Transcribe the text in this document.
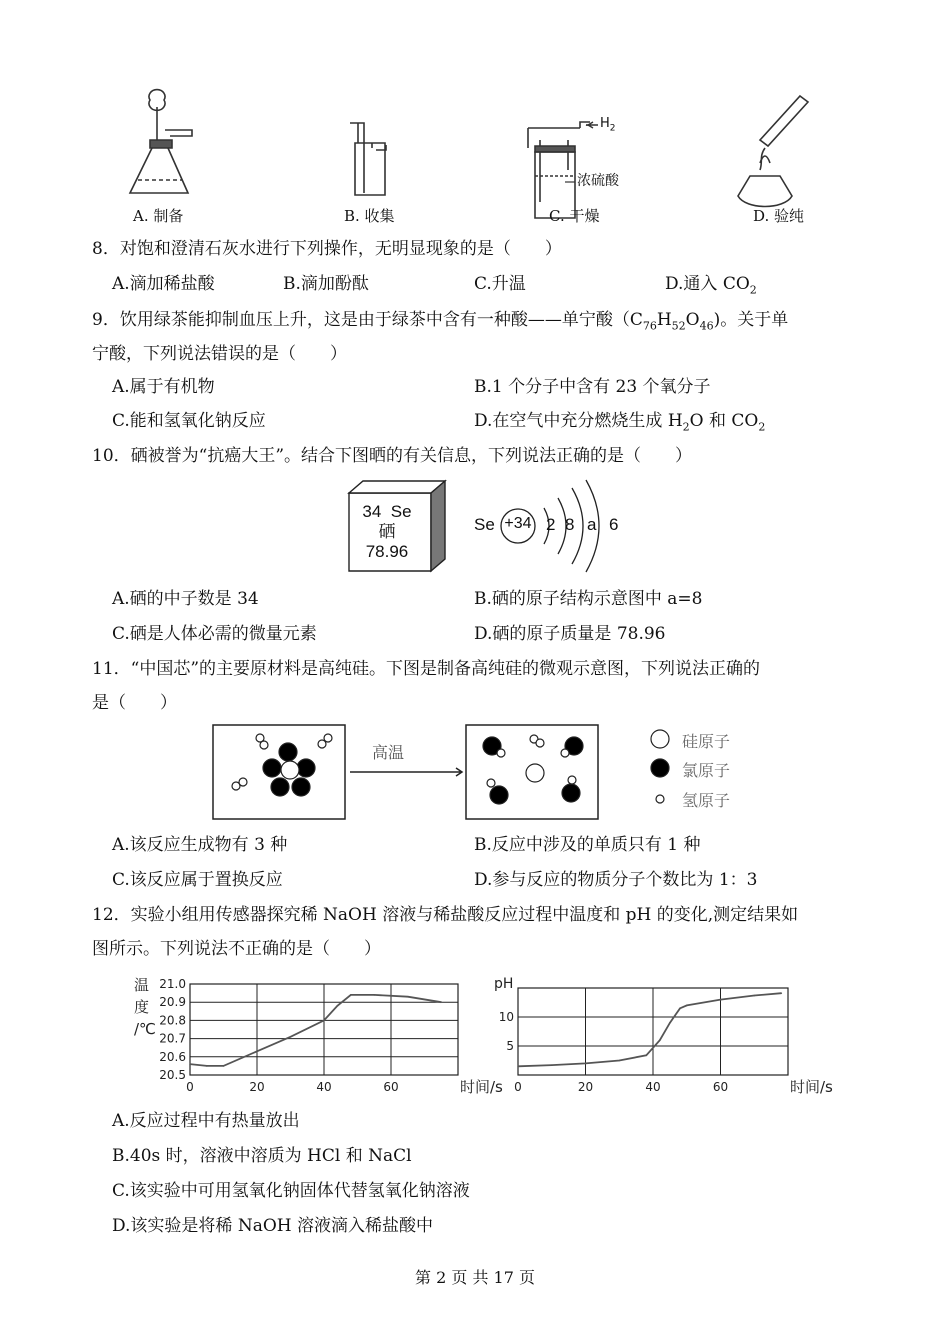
$H_2$
浓硫酸
A. 制备	B. 收集	C. 干燥	D. 验纯
8．对饱和澄清石灰水进行下列操作，无明显现象的是（　　）
A.滴加稀盐酸	B.滴加酚酞	C.升温	D.通入 $CO_2$
9．饮用绿茶能抑制血压上升，这是由于绿茶中含有一种酸——单宁酸$(C_{76}H_{52}O_{46})$。关于单
宁酸，下列说法错误的是（　　）
A.属于有机物	B.1 个分子中含有 23 个氧分子
C.能和氢氧化钠反应	D.在空气中充分燃烧生成 $H_2O$ 和 $CO_2$
10．硒被誉为“抗癌大王”。结合下图晒的有关信息，下列说法正确的是（　　）
34 Se
硒
78.96
Se +34 2 8 a 6
A.硒的中子数是 34	B.硒的原子结构示意图中 a=8
C.硒是人体必需的微量元素	D.硒的原子质量是 78.96
11．“中国芯”的主要原材料是高纯硅。下图是制备高纯硅的微观示意图，下列说法正确的
是（　　）
高温
硅原子
氯原子
氢原子
A.该反应生成物有 3 种	B.反应中涉及的单质只有 1 种
C.该反应属于置换反应	D.参与反应的物质分子个数比为 1：3
12．实验小组用传感器探究稀 NaOH 溶液与稀盐酸反应过程中温度和 pH 的变化,测定结果如
图所示。下列说法不正确的是（　　）
20.5
20.6
20.7
20.8
20.9
21.0
0	20	40	60	时间/s
温
度
/℃
5
10
0	20	40	60	时间/s
pH
A.反应过程中有热量放出
B.40s 时，溶液中溶质为 HCl 和 NaCl
C.该实验中可用氢氧化钠固体代替氢氧化钠溶液
D.该实验是将稀 NaOH 溶液滴入稀盐酸中
第 2 页 共 17 页
